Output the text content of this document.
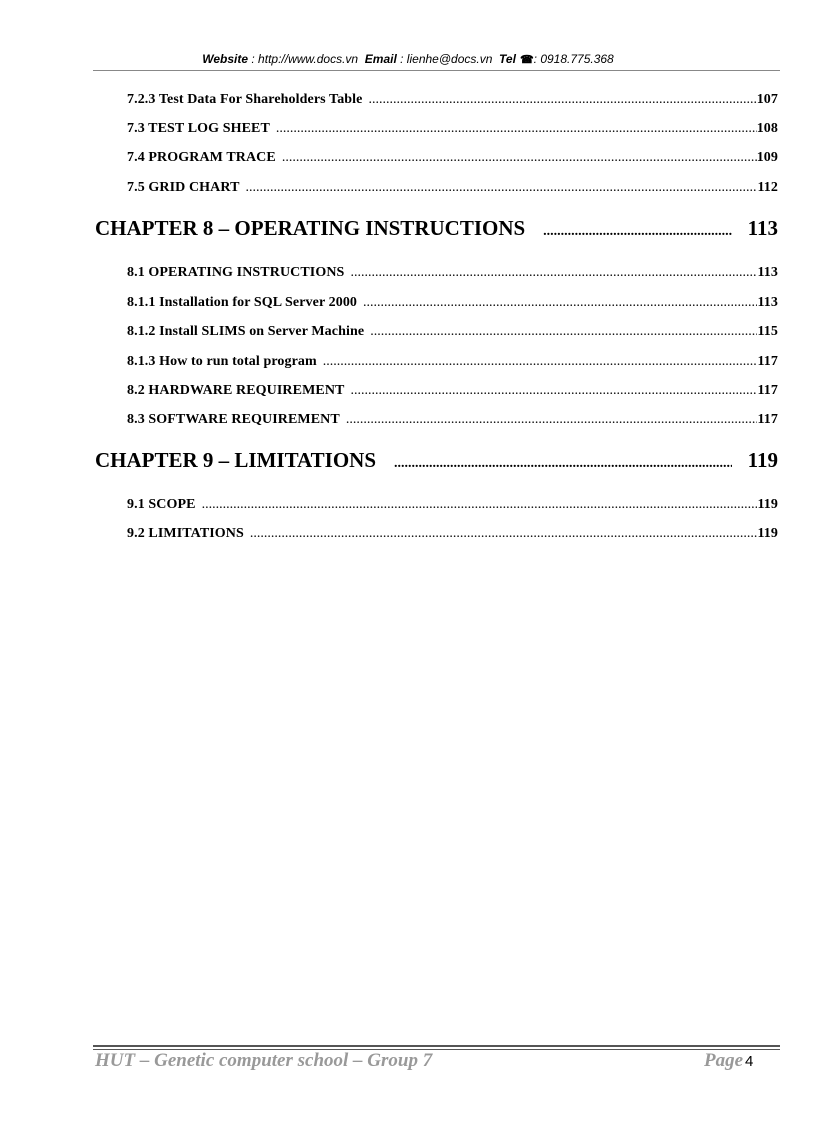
Website : http://www.docs.vn Email : lienhe@docs.vn Tel ☎: 0918.775.368
7.2.3 Test Data For Shareholders Table .....	107
7.3 TEST LOG SHEET .....	108
7.4 PROGRAM TRACE .....	109
7.5 GRID CHART .....	112
CHAPTER 8 – OPERATING INSTRUCTIONS .....	113
8.1 OPERATING INSTRUCTIONS .....	113
8.1.1 Installation for SQL Server 2000 .....	113
8.1.2 Install SLIMS on Server Machine .....	115
8.1.3 How to run total program .....	117
8.2 HARDWARE REQUIREMENT .....	117
8.3 SOFTWARE REQUIREMENT .....	117
CHAPTER 9 – LIMITATIONS .....	119
9.1 SCOPE .....	119
9.2 LIMITATIONS .....	119
HUT – Genetic computer school – Group 7	Page 4
